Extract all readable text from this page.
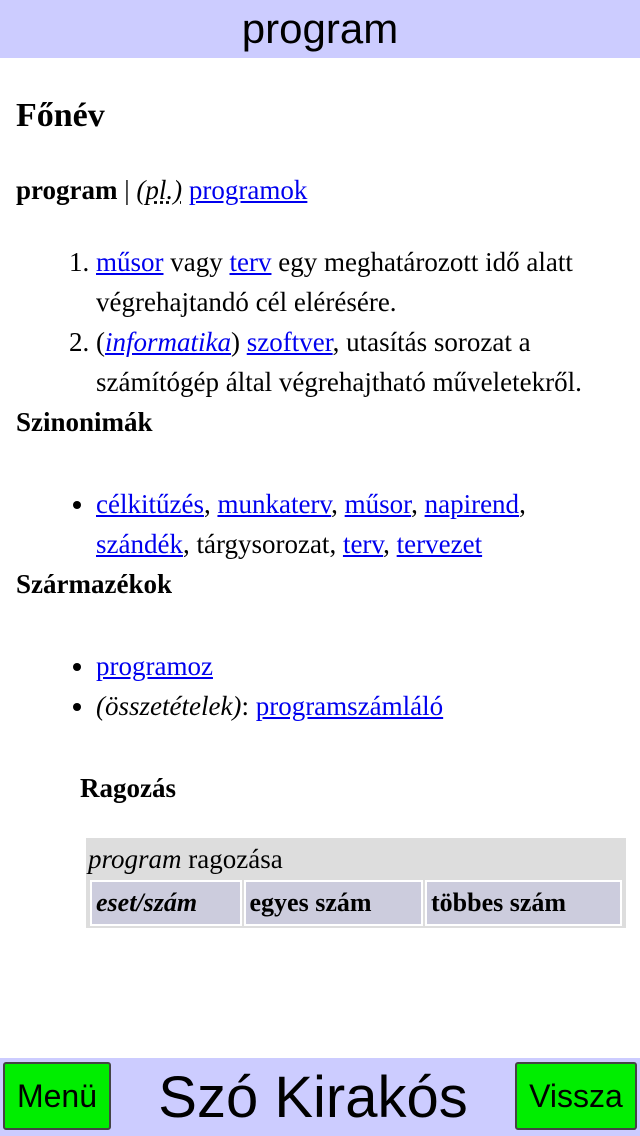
program
Főnév
program | (pl.) programok
1. műsor vagy terv egy meghatározott idő alatt végrehajtandó cél elérésére.
2. (informatika) szoftver, utasítás sorozat a számítógép által végrehajtható műveletekről.
Szinonimák
• célkitűzés, munkaterv, műsor, napirend, szándék, tárgysorozat, terv, tervezet
Származékok
• programoz
• (összetételek): programszámláló
Ragozás
program ragozása
eset/szám	egyes szám	többes szám
Menü	Szó Kirakós	Vissza
